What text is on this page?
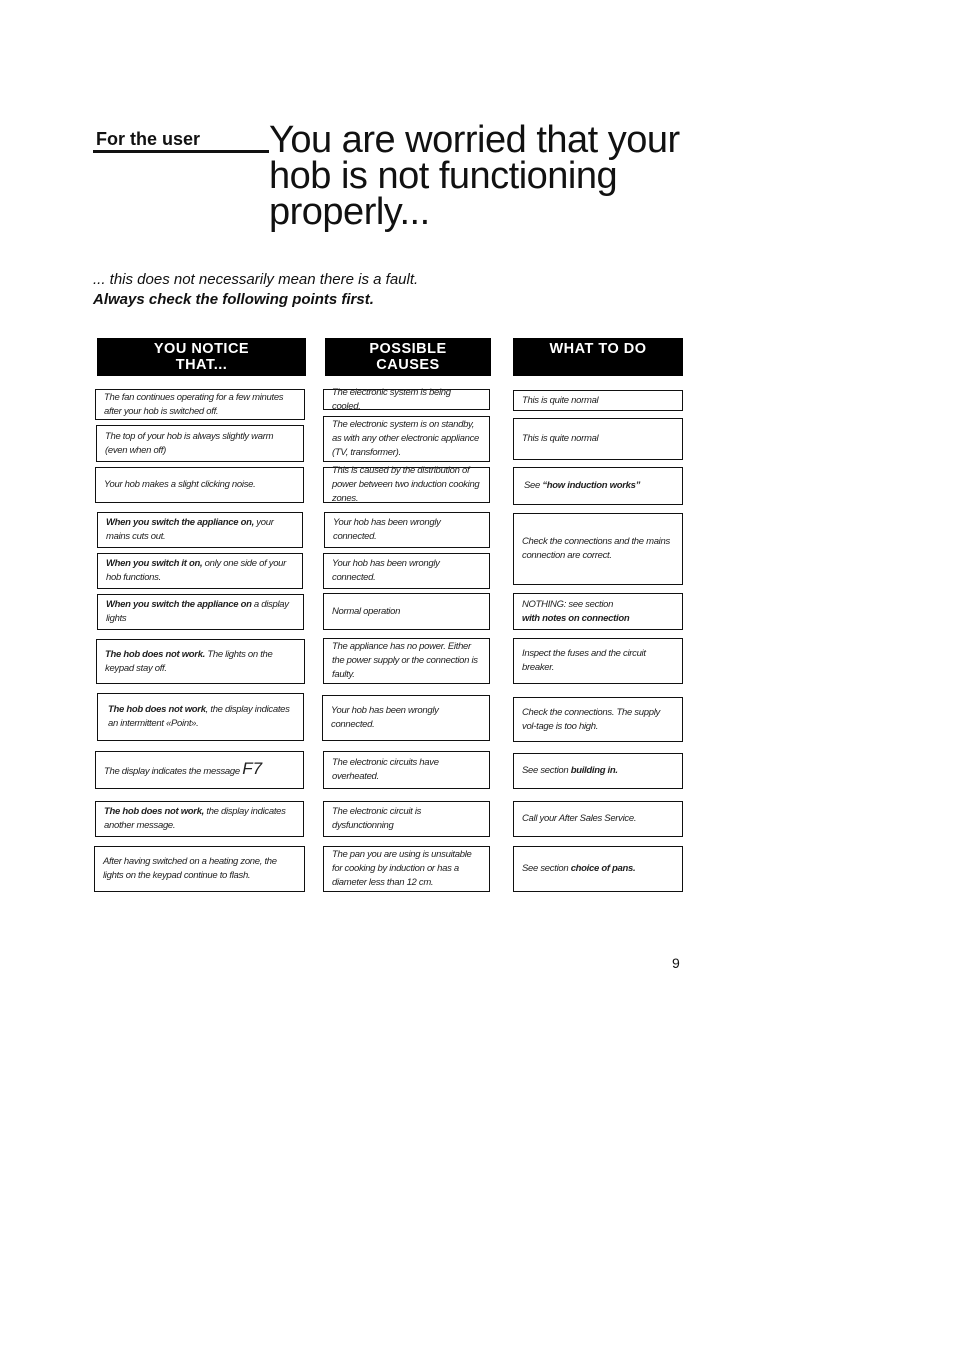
For the user You are worried that your hob is not functioning properly...
... this does not necessarily mean there is a fault.
Always check the following points first.
YOU NOTICE THAT...
POSSIBLE CAUSES
WHAT TO DO
The fan continues operating for a few minutes after your hob is switched off.
The top of your hob is always slightly warm (even when off)
Your hob makes a slight clicking noise.
When you switch the appliance on, your mains cuts out.
When you switch it on, only one side of your hob functions.
When you switch the appliance on a display lights
The hob does not work. The lights on the keypad stay off.
The hob does not work, the display indicates an intermittent «Point».
The display indicates the message F7
The hob does not work, the display indicates another message.
After having switched on a heating zone, the lights on the keypad continue to flash.
The electronic system is being cooled.
The electronic system is on standby, as with any other electronic appliance (TV, transformer).
This is caused by the distribution of power between two induction cooking zones.
Your hob has been wrongly connected.
Your hob has been wrongly connected.
Normal operation
The appliance has no power. Either the power supply or the connection is faulty.
Your hob has been wrongly connected.
The electronic circuits have overheated.
The electronic circuit is dysfunctionning
The pan you are using is unsuitable for cooking by induction or has a diameter less than 12 cm.
This is quite normal
This is quite normal
See “how induction works”
Check the connections and the mains connection are correct.
NOTHING: see section
with notes on connection
Inspect the fuses and the circuit breaker.
Check the connections. The supply vol-tage is too high.
See section building in.
Call your After Sales Service.
See section choice of pans.
9
